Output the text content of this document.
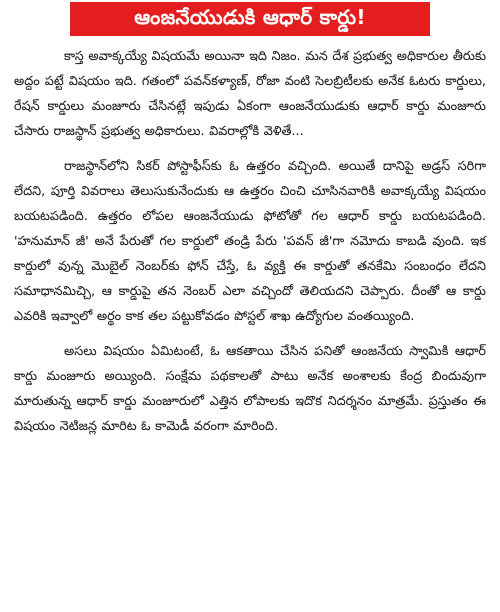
ఆంజనేయుడుకి ఆధార్ కార్డు!

కాస్త అవాక్కయ్యే విషయమే అయినా ఇది నిజం. మన దేశ ప్రభుత్వ అధికారుల తీరుకు అద్దం పట్టే విషయం ఇది. గతంలో పవన్‌కళ్యాణ్, రోజా వంటి సెలబ్రిటీలకు అనేక ఓటరు కార్డులు, రేషన్ కార్డులు మంజూరు చేసినట్లే ఇపుడు ఏకంగా ఆంజనేయుడుకు ఆధార్ కార్డు మంజూరు చేసారు రాజస్థాన్ ప్రభుత్వ అధికారులు. వివరాల్లోకి వెళితే...

రాజస్థాన్‌లోని సికర్ పోస్టాఫీస్‌కు ఓ ఉత్తరం వచ్చింది. అయితే దానిపై అడ్రస్ సరిగా లేదని, పూర్తి వివరాలు తెలుసుకునేందుకు ఆ ఉత్తరం చించి చూసినవారికి అవాక్కయ్యే విషయం బయటపడింది. ఉత్తరం లోపల ఆంజనేయుడు ఫోటోతో గల ఆధార్ కార్డు బయటపడింది. 'హనుమాన్ జీ' అనే పేరుతో గల కార్డులో తండ్రి పేరు 'పవన్ జీ'గా నమోదు కాబడి వుంది. ఇక కార్డులో వున్న మొబైల్ నెంబర్‌కు ఫోన్ చేస్తే, ఓ వ్యక్తి ఈ కార్డుతో తనకేమి సంబంధం లేదని సమాధానమిచ్చి, ఆ కార్డుపై తన నెంబర్ ఎలా వచ్చిందో తెలియదని చెప్పారు. దీంతో ఆ కార్డు ఎవరికి ఇవ్వాలో అర్థం కాక తల పట్టుకోవడం పోస్టల్ శాఖ ఉద్యోగుల వంతయ్యింది.

అసలు విషయం ఏమిటంటే, ఓ ఆకతాయి చేసిన పనితో ఆంజనేయ స్వామికి ఆధార్ కార్డు మంజూరు అయ్యింది. సంక్షేమ పథకాలతో పాటు అనేక అంశాలకు కేంద్ర బిందువుగా మారుతున్న ఆధార్ కార్డు మంజూరులో ఎత్తిన లోపాలకు ఇదొక నిదర్శనం మాత్రమే. ప్రస్తుతం ఈ విషయం నెటిజన్ల మారిట ఓ కామెడీ వరంగా మారింది.
